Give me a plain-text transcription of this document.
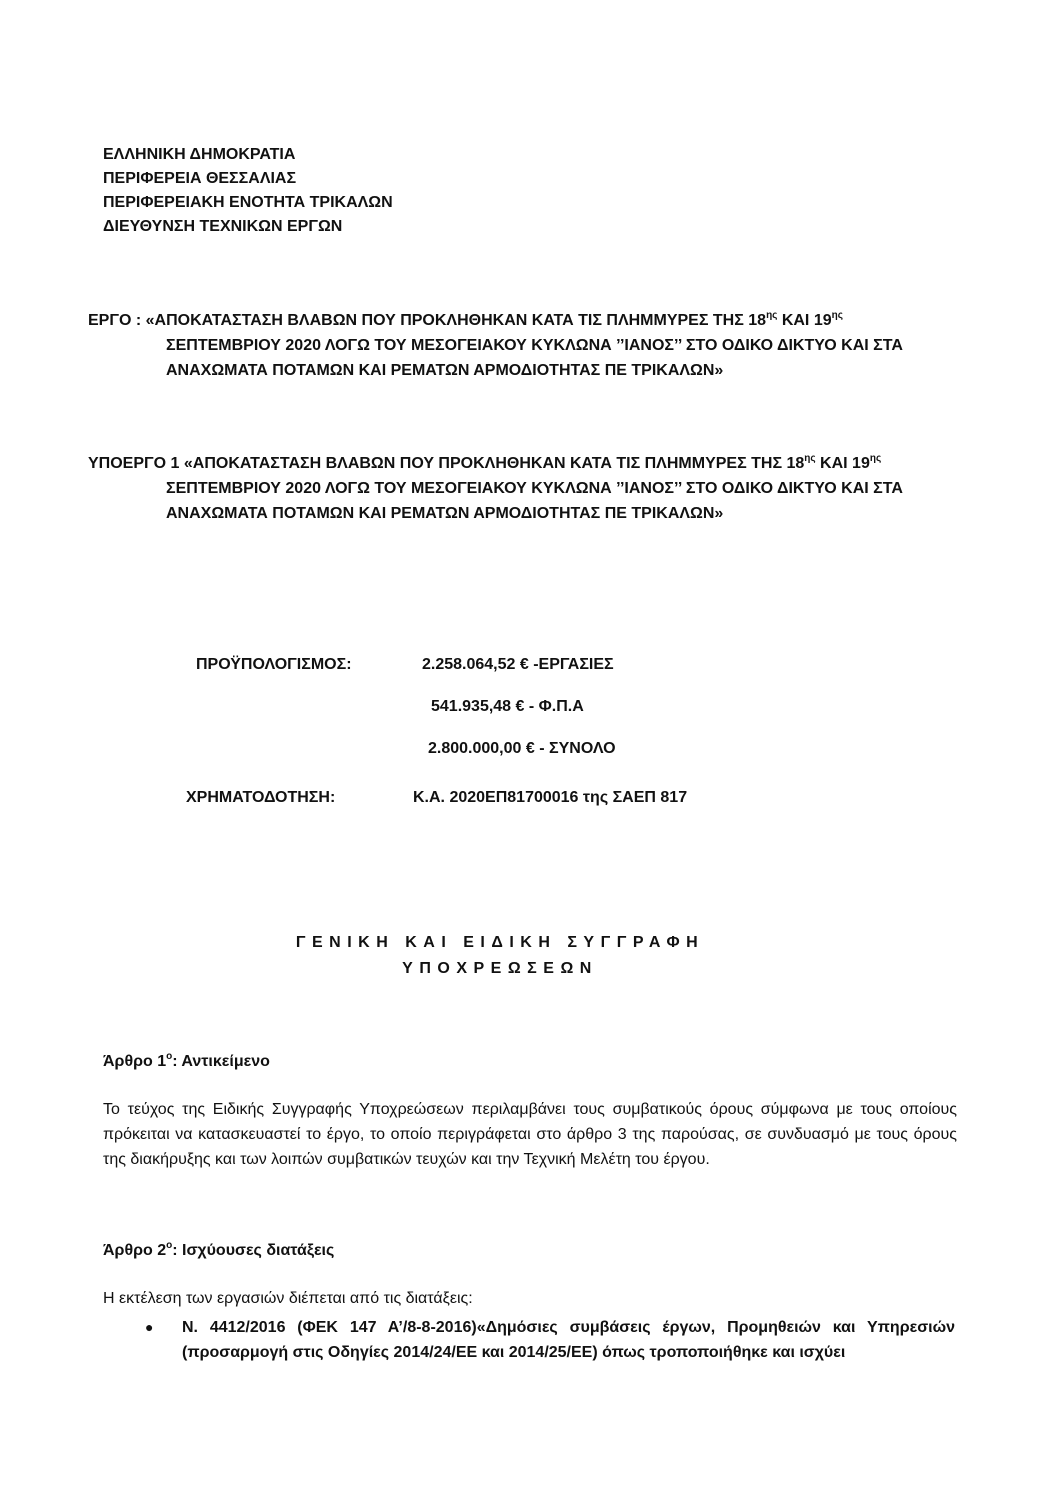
ΕΛΛΗΝΙΚΗ ΔΗΜΟΚΡΑΤΙΑ
ΠΕΡΙΦΕΡΕΙΑ ΘΕΣΣΑΛΙΑΣ
ΠΕΡΙΦΕΡΕΙΑΚΗ ΕΝΟΤΗΤΑ ΤΡΙΚΑΛΩΝ
ΔΙΕΥΘΥΝΣΗ ΤΕΧΝΙΚΩΝ ΕΡΓΩΝ
ΕΡΓΟ : «ΑΠΟΚΑΤΑΣΤΑΣΗ ΒΛΑΒΩΝ ΠΟΥ ΠΡΟΚΛΗΘΗΚΑΝ ΚΑΤΑ ΤΙΣ ΠΛΗΜΜΥΡΕΣ ΤΗΣ $18^{\eta\varsigma}$ ΚΑΙ $19^{\eta\varsigma}$
ΣΕΠΤΕΜΒΡΙΟΥ 2020 ΛΟΓΩ ΤΟΥ ΜΕΣΟΓΕΙΑΚΟΥ ΚΥΚΛΩΝΑ ’’ΙΑΝΟΣ’’ ΣΤΟ ΟΔΙΚΟ ΔΙΚΤΥΟ ΚΑΙ ΣΤΑ
ΑΝΑΧΩΜΑΤΑ ΠΟΤΑΜΩΝ ΚΑΙ ΡΕΜΑΤΩΝ ΑΡΜΟΔΙΟΤΗΤΑΣ ΠΕ ΤΡΙΚΑΛΩΝ»
ΥΠΟΕΡΓΟ 1 «ΑΠΟΚΑΤΑΣΤΑΣΗ ΒΛΑΒΩΝ ΠΟΥ ΠΡΟΚΛΗΘΗΚΑΝ ΚΑΤΑ ΤΙΣ ΠΛΗΜΜΥΡΕΣ ΤΗΣ $18^{\eta\varsigma}$ ΚΑΙ $19^{\eta\varsigma}$
ΣΕΠΤΕΜΒΡΙΟΥ 2020 ΛΟΓΩ ΤΟΥ ΜΕΣΟΓΕΙΑΚΟΥ ΚΥΚΛΩΝΑ ’’ΙΑΝΟΣ’’ ΣΤΟ ΟΔΙΚΟ ΔΙΚΤΥΟ ΚΑΙ ΣΤΑ
ΑΝΑΧΩΜΑΤΑ ΠΟΤΑΜΩΝ ΚΑΙ ΡΕΜΑΤΩΝ ΑΡΜΟΔΙΟΤΗΤΑΣ ΠΕ ΤΡΙΚΑΛΩΝ»
ΠΡΟΫΠΟΛΟΓΙΣΜΟΣ:	2.258.064,52 € -ΕΡΓΑΣΙΕΣ
541.935,48 € - Φ.Π.Α
2.800.000,00 € - ΣΥΝΟΛΟ
ΧΡΗΜΑΤΟΔΟΤΗΣΗ:	Κ.Α. 2020ΕΠ81700016 της ΣΑΕΠ 817
ΓΕΝΙΚΗ ΚΑΙ ΕΙΔΙΚΗ ΣΥΓΓΡΑΦΗ
ΥΠΟΧΡΕΩΣΕΩΝ
Άρθρο $1^o$: Αντικείμενο
Το τεύχος της Ειδικής Συγγραφής Υποχρεώσεων περιλαμβάνει τους συμβατικούς όρους σύμφωνα με τους οποίους πρόκειται να κατασκευαστεί το έργο, το οποίο περιγράφεται στο άρθρο 3 της παρούσας, σε συνδυασμό με τους όρους της διακήρυξης και των λοιπών συμβατικών τευχών και την Τεχνική Μελέτη του έργου.
Άρθρο $2^o$: Ισχύουσες διατάξεις
Η εκτέλεση των εργασιών διέπεται από τις διατάξεις:
● Ν. 4412/2016 (ΦΕΚ 147 Α’/8-8-2016)«Δημόσιες συμβάσεις έργων, Προμηθειών και Υπηρεσιών (προσαρμογή στις Οδηγίες 2014/24/ΕΕ και 2014/25/ΕΕ) όπως τροποποιήθηκε και ισχύει
